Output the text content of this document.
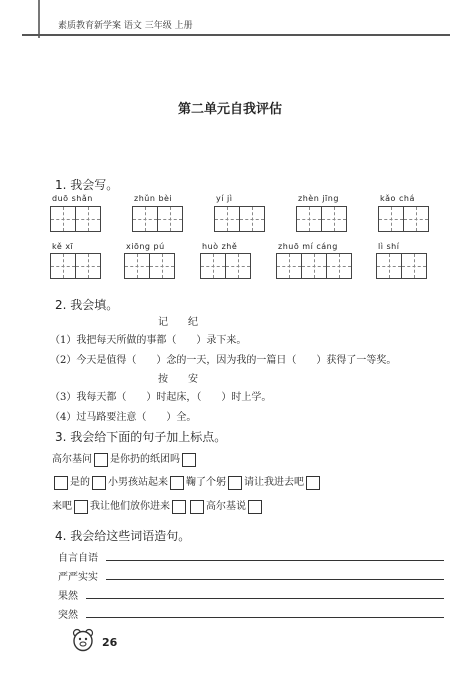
素质教育新学案 语文 三年级 上册
第二单元自我评估
1. 我会写。
duō shǎn	zhǔn bèi	yí jì	zhèn jīng	kǎo chá
kě xī	xiōng pú	huò zhě	zhuō mí cáng	lì shí
2. 我会填。
记　　纪
（1）我把每天所做的事都（　　）录下来。
（2）今天是值得（　　）念的一天，因为我的一篇日（　　）获得了一等奖。
按　　安
（3）我每天都（　　）时起床，（　　）时上学。
（4）过马路要注意（　　）全。
3. 我会给下面的句子加上标点。
高尔基问 是你扔的纸团吗
是的 小男孩站起来 鞠了个躬 请让我进去吧
来吧 我让他们放你进来	高尔基说
4. 我会给这些词语造句。
自言自语
严严实实
果然
突然
26
